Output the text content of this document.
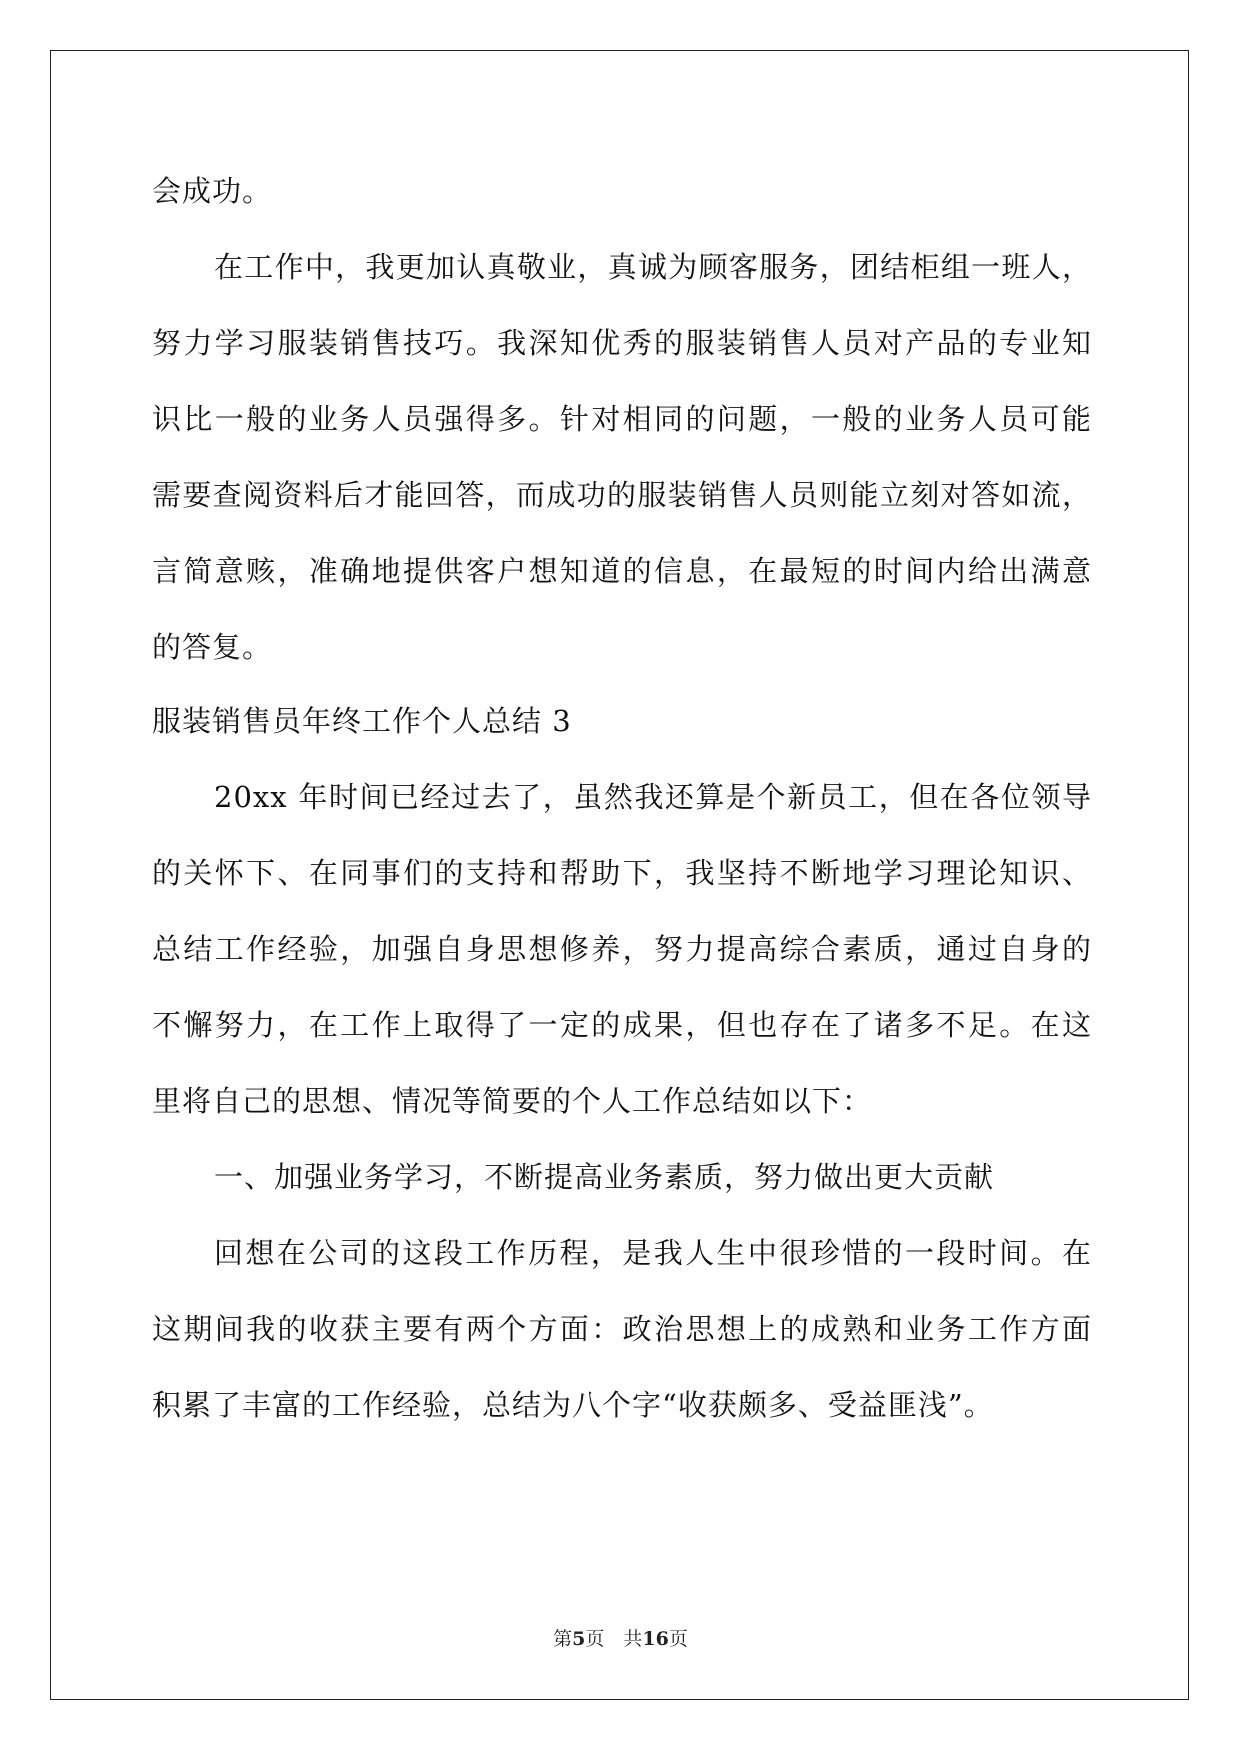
会成功。
在工作中，我更加认真敬业，真诚为顾客服务，团结柜组一班人，
努力学习服装销售技巧。我深知优秀的服装销售人员对产品的专业知
识比一般的业务人员强得多。针对相同的问题，一般的业务人员可能
需要查阅资料后才能回答，而成功的服装销售人员则能立刻对答如流，
言简意赅，准确地提供客户想知道的信息，在最短的时间内给出满意
的答复。
服装销售员年终工作个人总结 3
20xx 年时间已经过去了，虽然我还算是个新员工，但在各位领导
的关怀下、在同事们的支持和帮助下，我坚持不断地学习理论知识、
总结工作经验，加强自身思想修养，努力提高综合素质，通过自身的
不懈努力，在工作上取得了一定的成果，但也存在了诸多不足。在这
里将自己的思想、情况等简要的个人工作总结如以下：
一、加强业务学习，不断提高业务素质，努力做出更大贡献
回想在公司的这段工作历程，是我人生中很珍惜的一段时间。在
这期间我的收获主要有两个方面：政治思想上的成熟和业务工作方面
积累了丰富的工作经验，总结为八个字“收获颇多、受益匪浅”。
第5页　共16页
